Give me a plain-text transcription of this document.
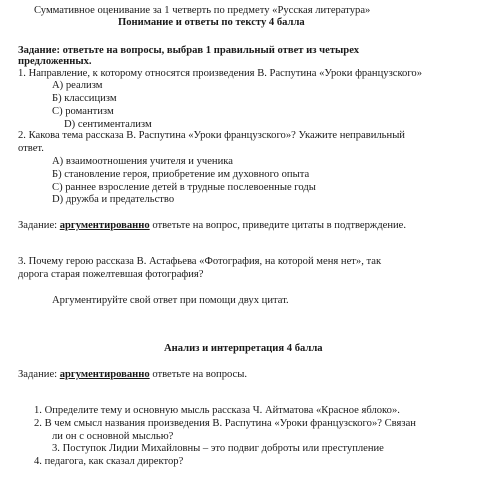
Суммативное оценивание за 1 четверть по предмету «Русская литература»
Понимание и ответы по тексту 4 балла
Задание: ответьте на вопросы, выбрав 1 правильный ответ из четырех
предложенных.
1. Направление, к которому относятся произведения В. Распутина «Уроки французского»
А) реализм
Б) классицизм
С) романтизм
D) сентиментализм
2. Какова тема рассказа В. Распутина «Уроки французского»? Укажите неправильный
ответ.
А) взаимоотношения учителя и ученика
Б) становление героя, приобретение им духовного опыта
С) раннее взросление детей в трудные послевоенные годы
D) дружба и предательство
Задание: аргументированно ответьте на вопрос, приведите цитаты в подтверждение.
3. Почему герою рассказа В. Астафьева «Фотография, на которой меня нет», так
дорога старая пожелтевшая фотография?
Аргументируйте свой ответ при помощи двух цитат.
Анализ и интерпретация 4 балла
Задание: аргументированно ответьте на вопросы.
1. Определите тему и основную мысль рассказа Ч. Айтматова «Красное яблоко».
2. В чем смысл названия произведения В. Распутина «Уроки французского»? Связан
ли он с основной мыслью?
3. Поступок Лидии Михайловны – это подвиг доброты или преступление
4. педагога, как сказал директор?
